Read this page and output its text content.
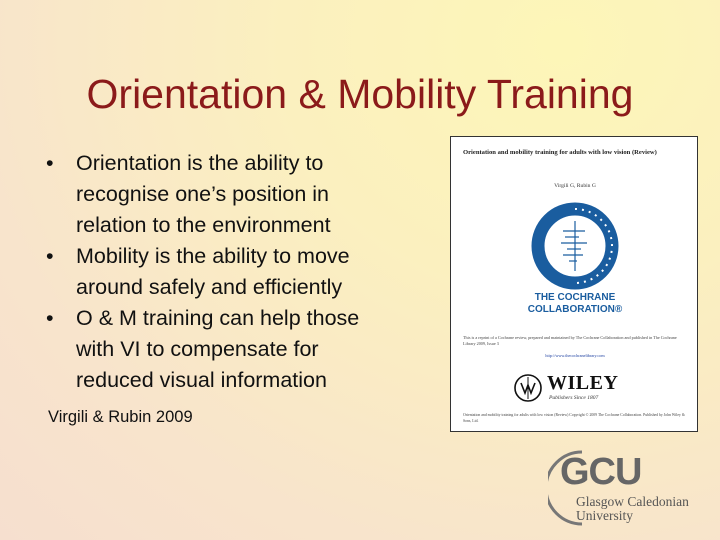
Orientation & Mobility Training
• Orientation is the ability to
recognise one’s position in
relation to the environment
• Mobility is the ability to move
around safely and efficiently
• O & M training can help those
with VI to compensate for
reduced visual information
Virgili & Rubin 2009
Orientation and mobility training for adults with low vision (Review)
Virgili G, Rubin G
THE COCHRANE
COLLABORATION®
This is a reprint of a Cochrane review, prepared and maintained by The Cochrane Collaboration and published in The Cochrane Library 2009, Issue 3
http://www.thecochranelibrary.com
WILEY
Publishers Since 1807
Orientation and mobility training for adults with low vision (Review) Copyright © 2009 The Cochrane Collaboration. Published by John Wiley & Sons, Ltd.
GCU
Glasgow Caledonian
University
